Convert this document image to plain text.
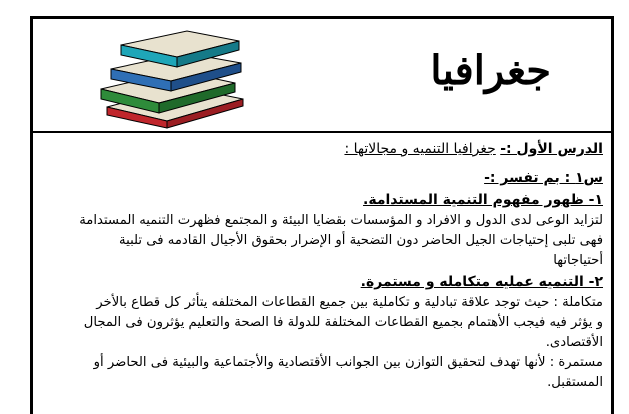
جغرافيا
الدرس الأول :- جغرافيا التنميه و مجالاتها :
س١ : بم تفسر :-
١- ظهور مفهوم التنمية المستدامة.
لتزايد الوعى لدى الدول و الافراد و المؤسسات بقضايا البيئة و المجتمع فظهرت التنميه المستدامة
فهى تلبى إحتياجات الجيل الحاضر دون التضحية أو الإضرار بحقوق الأجيال القادمه فى تلبية
أحتياجاتها
٢- التنميه عمليه متكامله و مستمرة.
متكاملة : حيث توجد علاقة تبادلية و تكاملية بين جميع القطاعات المختلفه يتأثر كل قطاع بالأخر
و يؤثر فيه فيجب الأهتمام بجميع القطاعات المختلفة للدولة فا الصحة والتعليم يؤثرون فى المجال
الأقتصادى.
مستمرة : لأنها تهدف لتحقيق التوازن بين الجوانب الأقتصادية والأجتماعية والبيئية فى الحاضر أو
المستقبل.
